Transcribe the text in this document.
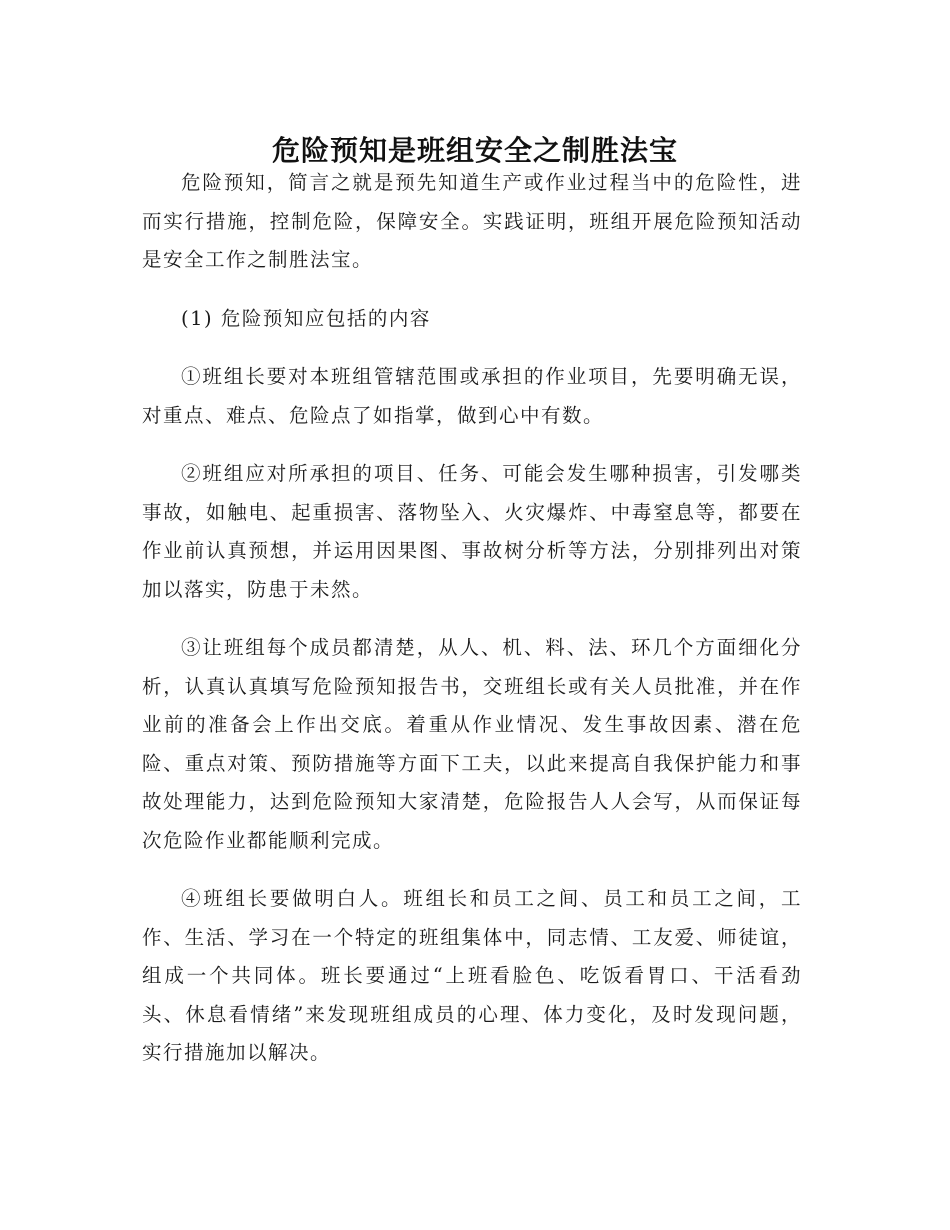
危险预知是班组安全之制胜法宝

危险预知，简言之就是预先知道生产或作业过程当中的危险性，进而实行措施，控制危险，保障安全。实践证明，班组开展危险预知活动是安全工作之制胜法宝。

(1) 危险预知应包括的内容

①班组长要对本班组管辖范围或承担的作业项目，先要明确无误，对重点、难点、危险点了如指掌，做到心中有数。

②班组应对所承担的项目、任务、可能会发生哪种损害，引发哪类事故，如触电、起重损害、落物坠入、火灾爆炸、中毒窒息等，都要在作业前认真预想，并运用因果图、事故树分析等方法，分别排列出对策加以落实，防患于未然。

③让班组每个成员都清楚，从人、机、料、法、环几个方面细化分析，认真认真填写危险预知报告书，交班组长或有关人员批准，并在作业前的准备会上作出交底。着重从作业情况、发生事故因素、潜在危险、重点对策、预防措施等方面下工夫，以此来提高自我保护能力和事故处理能力，达到危险预知大家清楚，危险报告人人会写，从而保证每次危险作业都能顺利完成。

④班组长要做明白人。班组长和员工之间、员工和员工之间，工作、生活、学习在一个特定的班组集体中，同志情、工友爱、师徒谊，组成一个共同体。班长要通过“上班看脸色、吃饭看胃口、干活看劲头、休息看情绪”来发现班组成员的心理、体力变化，及时发现问题，实行措施加以解决。
